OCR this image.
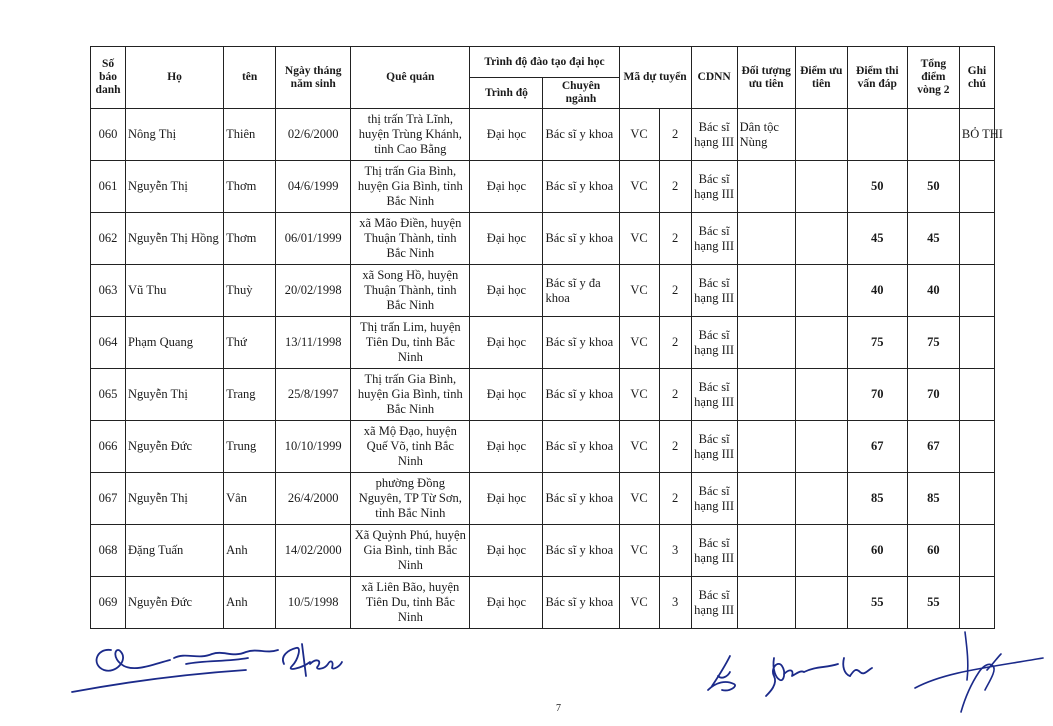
Số báo danh	Họ	tên	Ngày tháng năm sinh	Quê quán	Trình độ đào tạo đại học		Mã dự tuyển		CDNN	Đối tượng ưu tiên	Điểm ưu tiên	Điểm thi vấn đáp	Tổng điểm vòng 2	Ghi chú
					Trình độ	Chuyên ngành								
060	Nông Thị	Thiên	02/6/2000	thị trấn Trà Lĩnh, huyện Trùng Khánh, tỉnh Cao Bằng	Đại học	Bác sĩ y khoa	VC	2	Bác sĩ hạng III	Dân tộc Nùng				BỎ THI
061	Nguyễn Thị	Thơm	04/6/1999	Thị trấn Gia Bình, huyện Gia Bình, tỉnh Bắc Ninh	Đại học	Bác sĩ y khoa	VC	2	Bác sĩ hạng III			50	50	
062	Nguyễn Thị Hồng	Thơm	06/01/1999	xã Mão Điền, huyện Thuận Thành, tỉnh Bắc Ninh	Đại học	Bác sĩ y khoa	VC	2	Bác sĩ hạng III			45	45	
063	Vũ Thu	Thuỳ	20/02/1998	xã Song Hồ, huyện Thuận Thành, tỉnh Bắc Ninh	Đại học	Bác sĩ y đa khoa	VC	2	Bác sĩ hạng III			40	40	
064	Phạm Quang	Thứ	13/11/1998	Thị trấn Lim, huyện Tiên Du, tỉnh Bắc Ninh	Đại học	Bác sĩ y khoa	VC	2	Bác sĩ hạng III			75	75	
065	Nguyễn Thị	Trang	25/8/1997	Thị trấn Gia Bình, huyện Gia Bình, tỉnh Bắc Ninh	Đại học	Bác sĩ y khoa	VC	2	Bác sĩ hạng III			70	70	
066	Nguyễn Đức	Trung	10/10/1999	xã Mộ Đạo, huyện Quế Võ, tỉnh Bắc Ninh	Đại học	Bác sĩ y khoa	VC	2	Bác sĩ hạng III			67	67	
067	Nguyễn Thị	Vân	26/4/2000	phường Đồng Nguyên, TP Từ Sơn, tỉnh Bắc Ninh	Đại học	Bác sĩ y khoa	VC	2	Bác sĩ hạng III			85	85	
068	Đặng Tuấn	Anh	14/02/2000	Xã Quỳnh Phú, huyện Gia Bình, tỉnh Bắc Ninh	Đại học	Bác sĩ y khoa	VC	3	Bác sĩ hạng III			60	60	
069	Nguyễn Đức	Anh	10/5/1998	xã Liên Bão, huyện Tiên Du, tỉnh Bắc Ninh	Đại học	Bác sĩ y khoa	VC	3	Bác sĩ hạng III			55	55	
7
